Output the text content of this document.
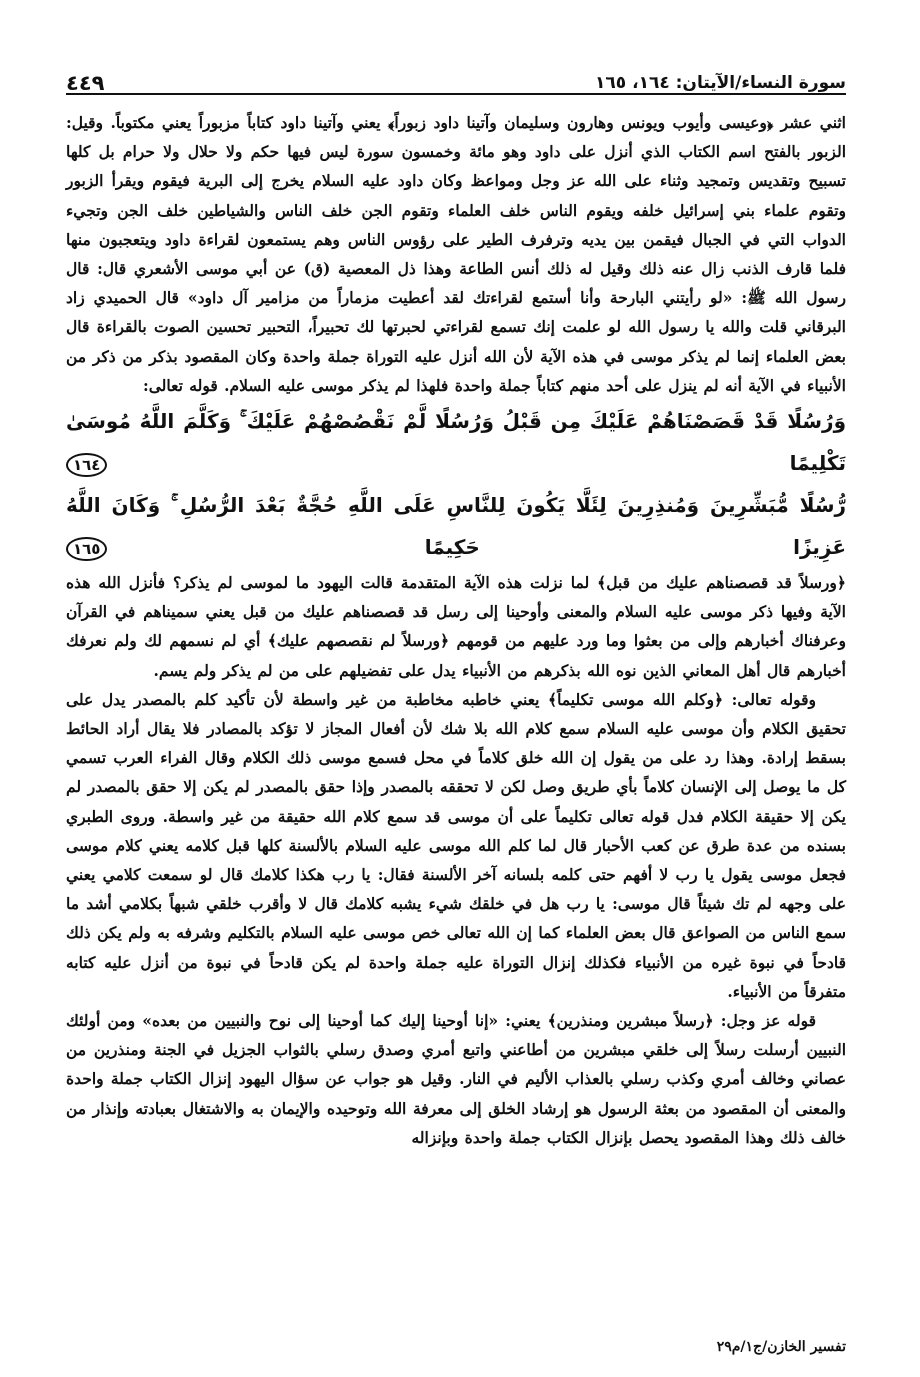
سورة النساء/الآيتان: ١٦٤، ١٦٥
٤٤٩

اثني عشر ﴿وعيسى وأيوب ويونس وهارون وسليمان وآتينا داود زبوراً﴾ يعني وآتينا داود كتاباً مزبوراً يعني مكتوباً. وقيل: الزبور بالفتح اسم الكتاب الذي أنزل على داود وهو مائة وخمسون سورة ليس فيها حكم ولا حلال ولا حرام بل كلها تسبيح وتقديس وتمجيد وثناء على الله عز وجل ومواعظ وكان داود عليه السلام يخرج إلى البرية فيقوم ويقرأ الزبور وتقوم علماء بني إسرائيل خلفه ويقوم الناس خلف العلماء وتقوم الجن خلف الناس والشياطين خلف الجن وتجيء الدواب التي في الجبال فيقمن بين يديه وترفرف الطير على رؤوس الناس وهم يستمعون لقراءة داود ويتعجبون منها فلما قارف الذنب زال عنه ذلك وقيل له ذلك أنس الطاعة وهذا ذل المعصية (ق) عن أبي موسى الأشعري قال: قال رسول الله ﷺ: «لو رأيتني البارحة وأنا أستمع لقراءتك لقد أعطيت مزماراً من مزامير آل داود» قال الحميدي زاد البرقاني قلت والله يا رسول الله لو علمت إنك تسمع لقراءتي لحبرتها لك تحبيراً، التحبير تحسين الصوت بالقراءة قال بعض العلماء إنما لم يذكر موسى في هذه الآية لأن الله أنزل عليه التوراة جملة واحدة وكان المقصود بذكر من ذكر من الأنبياء في الآية أنه لم ينزل على أحد منهم كتاباً جملة واحدة فلهذا لم يذكر موسى عليه السلام. قوله تعالى:

وَرُسُلًا قَدْ قَصَصْنَاهُمْ عَلَيْكَ مِن قَبْلُ وَرُسُلًا لَّمْ نَقْصُصْهُمْ عَلَيْكَ ۚ وَكَلَّمَ اللَّهُ مُوسَىٰ تَكْلِيمًا ١٦٤
رُّسُلًا مُّبَشِّرِينَ وَمُنذِرِينَ لِئَلَّا يَكُونَ لِلنَّاسِ عَلَى اللَّهِ حُجَّةٌ بَعْدَ الرُّسُلِ ۚ وَكَانَ اللَّهُ عَزِيزًا حَكِيمًا ١٦٥

﴿ورسلاً قد قصصناهم عليك من قبل﴾ لما نزلت هذه الآية المتقدمة قالت اليهود ما لموسى لم يذكر؟ فأنزل الله هذه الآية وفيها ذكر موسى عليه السلام والمعنى وأوحينا إلى رسل قد قصصناهم عليك من قبل يعني سميناهم في القرآن وعرفناك أخبارهم وإلى من بعثوا وما ورد عليهم من قومهم ﴿ورسلاً لم نقصصهم عليك﴾ أي لم نسمهم لك ولم نعرفك أخبارهم قال أهل المعاني الذين نوه الله بذكرهم من الأنبياء يدل على تفضيلهم على من لم يذكر ولم يسم.

وقوله تعالى: ﴿وكلم الله موسى تكليماً﴾ يعني خاطبه مخاطبة من غير واسطة لأن تأكيد كلم بالمصدر يدل على تحقيق الكلام وأن موسى عليه السلام سمع كلام الله بلا شك لأن أفعال المجاز لا تؤكد بالمصادر فلا يقال أراد الحائط بسقط إرادة. وهذا رد على من يقول إن الله خلق كلاماً في محل فسمع موسى ذلك الكلام وقال الفراء العرب تسمي كل ما يوصل إلى الإنسان كلاماً بأي طريق وصل لكن لا تحققه بالمصدر وإذا حقق بالمصدر لم يكن إلا حقق بالمصدر لم يكن إلا حقيقة الكلام فدل قوله تعالى تكليماً على أن موسى قد سمع كلام الله حقيقة من غير واسطة. وروى الطبري بسنده من عدة طرق عن كعب الأحبار قال لما كلم الله موسى عليه السلام بالألسنة كلها قبل كلامه يعني كلام موسى فجعل موسى يقول يا رب لا أفهم حتى كلمه بلسانه آخر الألسنة فقال: يا رب هكذا كلامك قال لو سمعت كلامي يعني على وجهه لم تك شيئاً قال موسى: يا رب هل في خلقك شيء يشبه كلامك قال لا وأقرب خلقي شبهاً بكلامي أشد ما سمع الناس من الصواعق قال بعض العلماء كما إن الله تعالى خص موسى عليه السلام بالتكليم وشرفه به ولم يكن ذلك قادحاً في نبوة غيره من الأنبياء فكذلك إنزال التوراة عليه جملة واحدة لم يكن قادحاً في نبوة من أنزل عليه كتابه متفرقاً من الأنبياء.

قوله عز وجل: ﴿رسلاً مبشرين ومنذرين﴾ يعني: «إنا أوحينا إليك كما أوحينا إلى نوح والنبيين من بعده» ومن أولئك النبيين أرسلت رسلاً إلى خلقي مبشرين من أطاعني واتبع أمري وصدق رسلي بالثواب الجزيل في الجنة ومنذرين من عصاني وخالف أمري وكذب رسلي بالعذاب الأليم في النار. وقيل هو جواب عن سؤال اليهود إنزال الكتاب جملة واحدة والمعنى أن المقصود من بعثة الرسول هو إرشاد الخلق إلى معرفة الله وتوحيده والإيمان به والاشتغال بعبادته وإنذار من خالف ذلك وهذا المقصود يحصل بإنزال الكتاب جملة واحدة وبإنزاله

تفسير الخازن/ج١/م٢٩
